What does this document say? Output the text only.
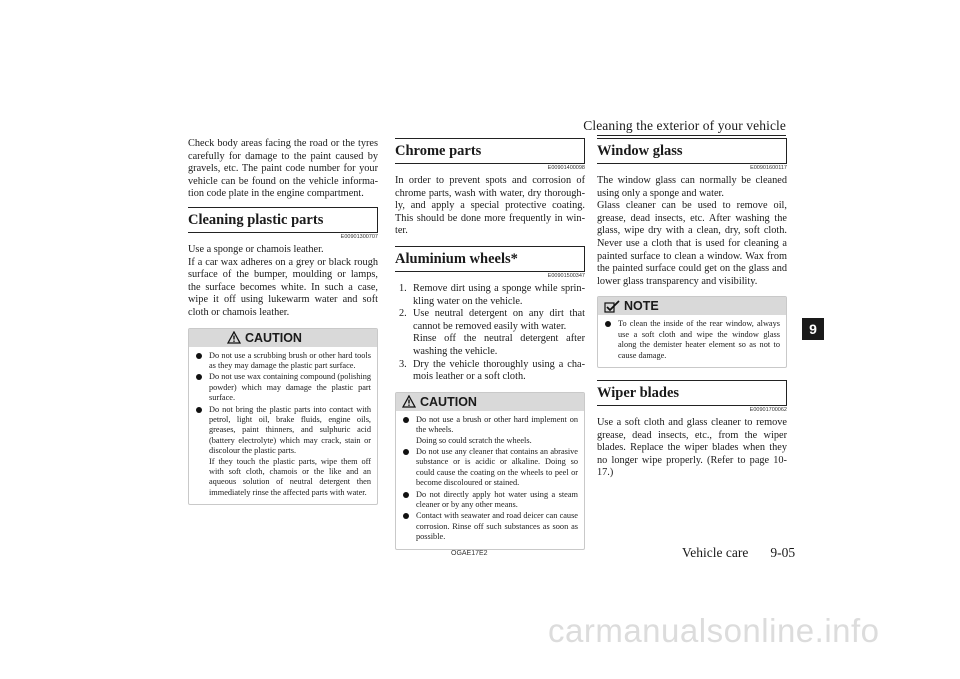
Cleaning the exterior of your vehicle

Check body areas facing the road or the tyres carefully for damage to the paint caused by gravels, etc. The paint code number for your vehicle can be found on the vehicle information code plate in the engine compartment.

Cleaning plastic parts
E00901300707

Use a sponge or chamois leather.

If a car wax adheres on a grey or black rough surface of the bumper, moulding or lamps, the surface becomes white. In such a case, wipe it off using lukewarm water and soft cloth or chamois leather.

CAUTION
Do not use a scrubbing brush or other hard tools as they may damage the plastic part surface.
Do not use wax containing compound (polishing powder) which may damage the plastic part surface.
Do not bring the plastic parts into contact with petrol, light oil, brake fluids, engine oils, greases, paint thinners, and sulphuric acid (battery electrolyte) which may crack, stain or discolour the plastic parts.
If they touch the plastic parts, wipe them off with soft cloth, chamois or the like and an aqueous solution of neutral detergent then immediately rinse the affected parts with water.
Chrome parts
E00901400098

In order to prevent spots and corrosion of chrome parts, wash with water, dry thoroughly, and apply a special protective coating. This should be done more frequently in winter.

Aluminium wheels*
E00901500347
1. Remove dirt using a sponge while sprinkling water on the vehicle.
2. Use neutral detergent on any dirt that cannot be removed easily with water.
Rinse off the neutral detergent after washing the vehicle.
3. Dry the vehicle thoroughly using a chamois leather or a soft cloth.
CAUTION
Do not use a brush or other hard implement on the wheels.
Doing so could scratch the wheels.
Do not use any cleaner that contains an abrasive substance or is acidic or alkaline. Doing so could cause the coating on the wheels to peel or become discoloured or stained.
Do not directly apply hot water using a steam cleaner or by any other means.
Contact with seawater and road deicer can cause corrosion. Rinse off such substances as soon as possible.
Window glass
E00901600117

The window glass can normally be cleaned using only a sponge and water.

Glass cleaner can be used to remove oil, grease, dead insects, etc. After washing the glass, wipe dry with a clean, dry, soft cloth. Never use a cloth that is used for cleaning a painted surface to clean a window. Wax from the painted surface could get on the glass and lower glass transparency and visibility.

NOTE
To clean the inside of the rear window, always use a soft cloth and wipe the window glass along the demister heater element so as not to cause damage.
Wiper blades
E00901700062

Use a soft cloth and glass cleaner to remove grease, dead insects, etc., from the wiper blades. Replace the wiper blades when they no longer wipe properly. (Refer to page 10-17.)

9
OGAE17E2	Vehicle care 9-05
carmanualsonline.info
